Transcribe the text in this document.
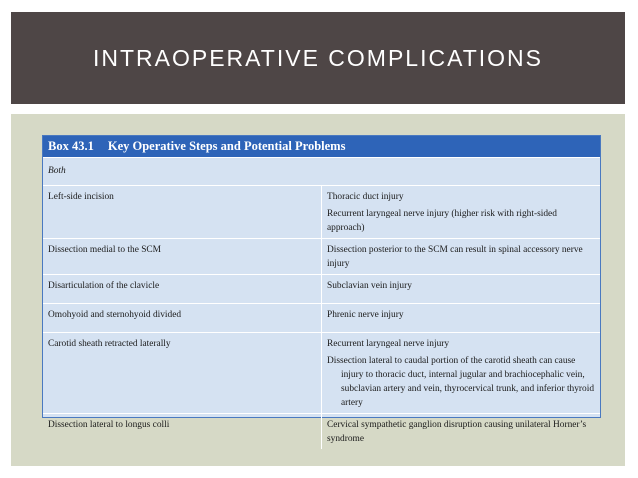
INTRAOPERATIVE COMPLICATIONS
Box 43.1 Key Operative Steps and Potential Problems
Both	
Left-side incision	Thoracic duct injury
Recurrent laryngeal nerve injury (higher risk with right-sided approach)

Dissection medial to the SCM	Dissection posterior to the SCM can result in spinal accessory nerve injury

Disarticulation of the clavicle	Subclavian vein injury

Omohyoid and sternohyoid divided	Phrenic nerve injury

Carotid sheath retracted laterally	Recurrent laryngeal nerve injury
Dissection lateral to caudal portion of the carotid sheath can cause injury to thoracic duct, internal jugular and brachiocephalic vein, subclavian artery and vein, thyrocervical trunk, and inferior thyroid artery

Dissection lateral to longus colli	Cervical sympathetic ganglion disruption causing unilateral Horner’s syndrome
